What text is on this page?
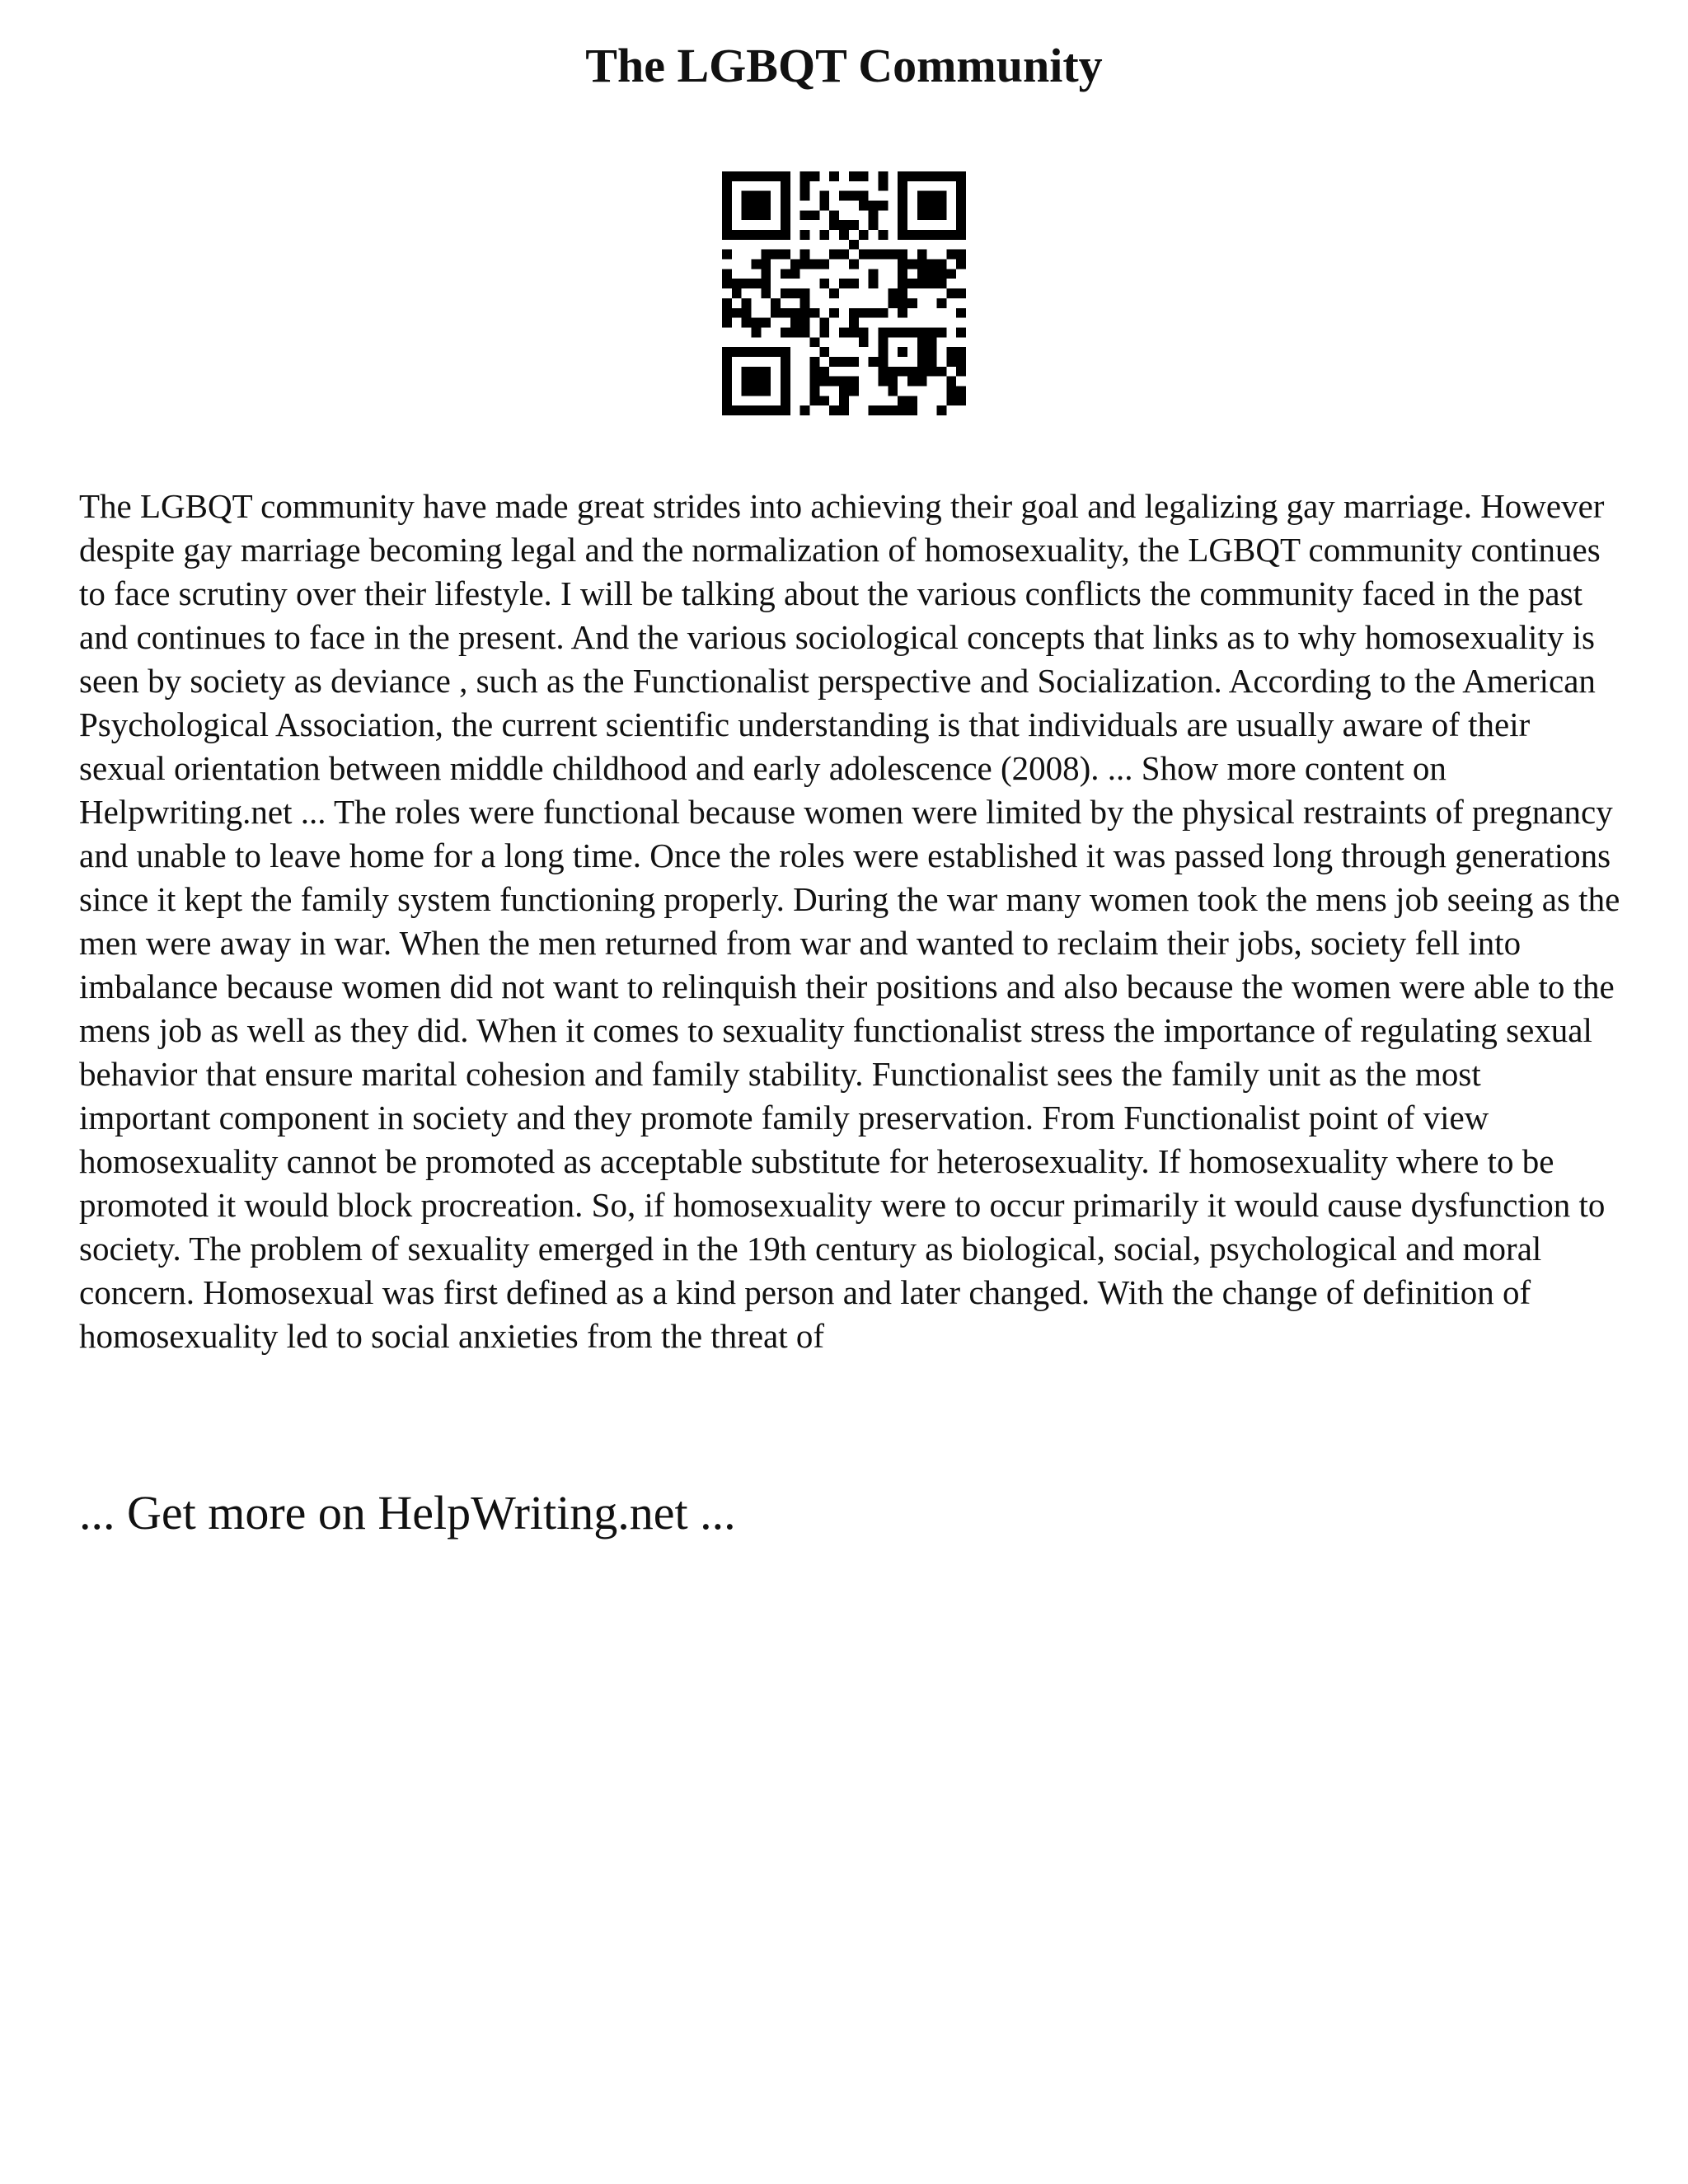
The LGBQT Community

The LGBQT community have made great strides into achieving their goal and legalizing gay marriage. However despite gay marriage becoming legal and the normalization of homosexuality, the LGBQT community continues to face scrutiny over their lifestyle. I will be talking about the various conflicts the community faced in the past and continues to face in the present. And the various sociological concepts that links as to why homosexuality is seen by society as deviance , such as the Functionalist perspective and Socialization. According to the American Psychological Association, the current scientific understanding is that individuals are usually aware of their sexual orientation between middle childhood and early adolescence (2008). ... Show more content on Helpwriting.net ... The roles were functional because women were limited by the physical restraints of pregnancy and unable to leave home for a long time. Once the roles were established it was passed long through generations since it kept the family system functioning properly. During the war many women took the mens job seeing as the men were away in war. When the men returned from war and wanted to reclaim their jobs, society fell into imbalance because women did not want to relinquish their positions and also because the women were able to the mens job as well as they did. When it comes to sexuality functionalist stress the importance of regulating sexual behavior that ensure marital cohesion and family stability. Functionalist sees the family unit as the most important component in society and they promote family preservation. From Functionalist point of view homosexuality cannot be promoted as acceptable substitute for heterosexuality. If homosexuality where to be promoted it would block procreation. So, if homosexuality were to occur primarily it would cause dysfunction to society. The problem of sexuality emerged in the 19th century as biological, social, psychological and moral concern. Homosexual was first defined as a kind person and later changed. With the change of definition of homosexuality led to social anxieties from the threat of

... Get more on HelpWriting.net ...
